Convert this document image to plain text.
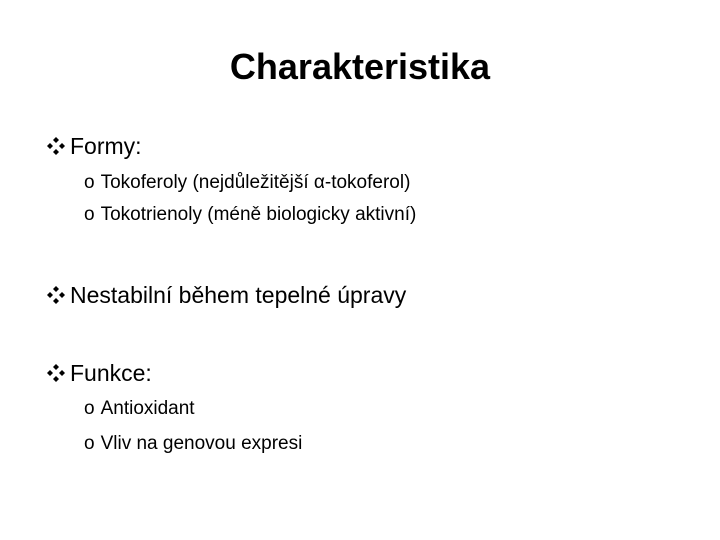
Charakteristika
Formy:
o Tokoferoly (nejdůležitější α-tokoferol)
o Tokotrienoly (méně biologicky aktivní)
Nestabilní během tepelné úpravy
Funkce:
o Antioxidant
o Vliv na genovou expresi
